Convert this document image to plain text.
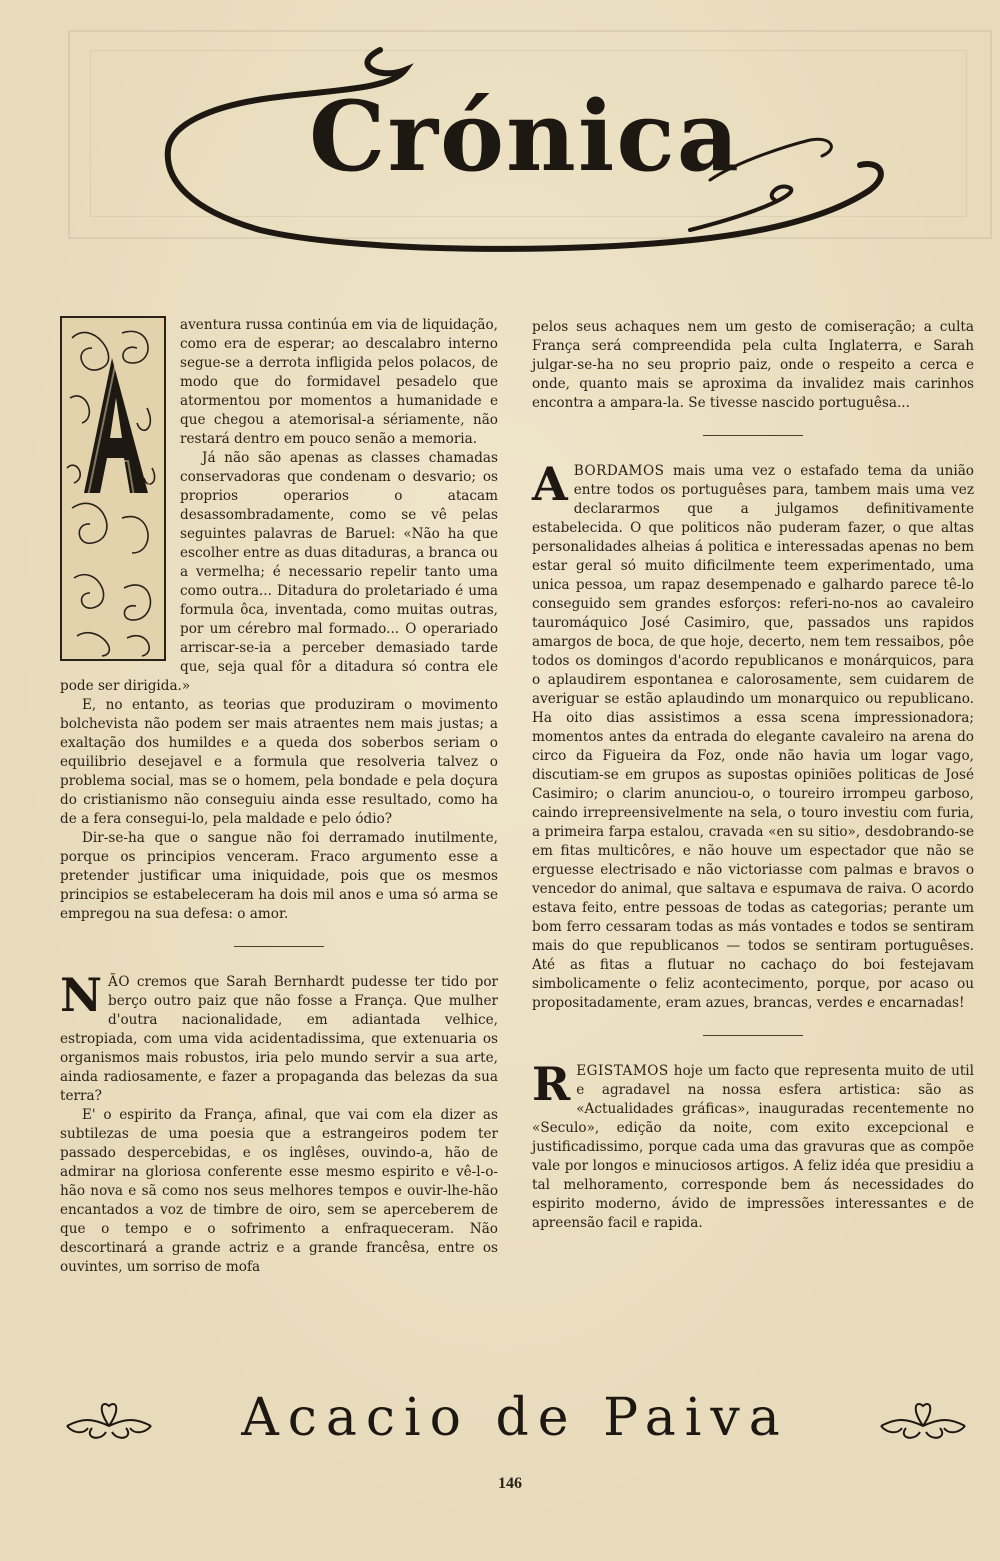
Crónica

aventura russa continúa em via de liquidação, como era de esperar; ao descalabro interno segue-se a derrota infligida pelos polacos, de modo que do formidavel pesadelo que atormentou por momentos a humanidade e que chegou a atemorisal-a sériamente, não restará dentro em pouco senão a memoria.

Já não são apenas as classes chamadas conservadoras que condenam o desvario; os proprios operarios o atacam desassombradamente, como se vê pelas seguintes palavras de Baruel: «Não ha que escolher entre as duas ditaduras, a branca ou a vermelha; é necessario repelir tanto uma como outra... Ditadura do proletariado é uma formula ôca, inventada, como muitas outras, por um cérebro mal formado... O operariado arriscar-se-ia a perceber demasiado tarde que, seja qual fôr a ditadura só contra ele pode ser dirigida.»

E, no entanto, as teorias que produziram o movimento bolchevista não podem ser mais atraentes nem mais justas; a exaltação dos humildes e a queda dos soberbos seriam o equilibrio desejavel e a formula que resolveria talvez o problema social, mas se o homem, pela bondade e pela doçura do cristianismo não conseguiu ainda esse resultado, como ha de a fera consegui-lo, pela maldade e pelo ódio?

Dir-se-ha que o sangue não foi derramado inutilmente, porque os principios venceram. Fraco argumento esse a pretender justificar uma iniquidade, pois que os mesmos principios se estabeleceram ha dois mil anos e uma só arma se empregou na sua defesa: o amor.

N ÃO cremos que Sarah Bernhardt pudesse ter tido por berço outro paiz que não fosse a França. Que mulher d'outra nacionalidade, em adiantada velhice, estropiada, com uma vida acidentadissima, que extenuaria os organismos mais robustos, iria pelo mundo servir a sua arte, ainda radiosamente, e fazer a propaganda das belezas da sua terra?

E' o espirito da França, afinal, que vai com ela dizer as subtilezas de uma poesia que a estrangeiros podem ter passado despercebidas, e os inglêses, ouvindo-a, hão de admirar na gloriosa conferente esse mesmo espirito e vê-l-o-hão nova e sã como nos seus melhores tempos e ouvir-lhe-hão encantados a voz de timbre de oiro, sem se aperceberem de que o tempo e o sofrimento a enfraqueceram. Não descortinará a grande actriz e a grande francêsa, entre os ouvintes, um sorriso de mofa

pelos seus achaques nem um gesto de comiseração; a culta França será compreendida pela culta Inglaterra, e Sarah julgar-se-ha no seu proprio paiz, onde o respeito a cerca e onde, quanto mais se aproxima da invalidez mais carinhos encontra a ampara-la. Se tivesse nascido portuguêsa...

A BORDAMOS mais uma vez o estafado tema da união entre todos os portuguêses para, tambem mais uma vez declararmos que a julgamos definitivamente estabelecida. O que politicos não puderam fazer, o que altas personalidades alheias á politica e interessadas apenas no bem estar geral só muito dificilmente teem experimentado, uma unica pessoa, um rapaz desempenado e galhardo parece tê-lo conseguido sem grandes esforços: referi-no-nos ao cavaleiro tauromáquico José Casimiro, que, passados uns rapidos amargos de boca, de que hoje, decerto, nem tem ressaibos, pôe todos os domingos d'acordo republicanos e monárquicos, para o aplaudirem espontanea e calorosamente, sem cuidarem de averiguar se estão aplaudindo um monarquico ou republicano. Ha oito dias assistimos a essa scena impressionadora; momentos antes da entrada do elegante cavaleiro na arena do circo da Figueira da Foz, onde não havia um logar vago, discutiam-se em grupos as supostas opiniões politicas de José Casimiro; o clarim anunciou-o, o toureiro irrompeu garboso, caindo irrepreensivelmente na sela, o touro investiu com furia, a primeira farpa estalou, cravada «en su sitio», desdobrando-se em fitas multicôres, e não houve um espectador que não se erguesse electrisado e não victoriasse com palmas e bravos o vencedor do animal, que saltava e espumava de raiva. O acordo estava feito, entre pessoas de todas as categorias; perante um bom ferro cessaram todas as más vontades e todos se sentiram mais do que republicanos — todos se sentiram portuguêses. Até as fitas a flutuar no cachaço do boi festejavam simbolicamente o feliz acontecimento, porque, por acaso ou propositadamente, eram azues, brancas, verdes e encarnadas!

R EGISTAMOS hoje um facto que representa muito de util e agradavel na nossa esfera artistica: são as «Actualidades gráficas», inauguradas recentemente no «Seculo», edição da noite, com exito excepcional e justificadissimo, porque cada uma das gravuras que as compõe vale por longos e minuciosos artigos. A feliz idéa que presidiu a tal melhoramento, corresponde bem ás necessidades do espirito moderno, ávido de impressões interessantes e de apreensão facil e rapida.

Acacio de Paiva
146
